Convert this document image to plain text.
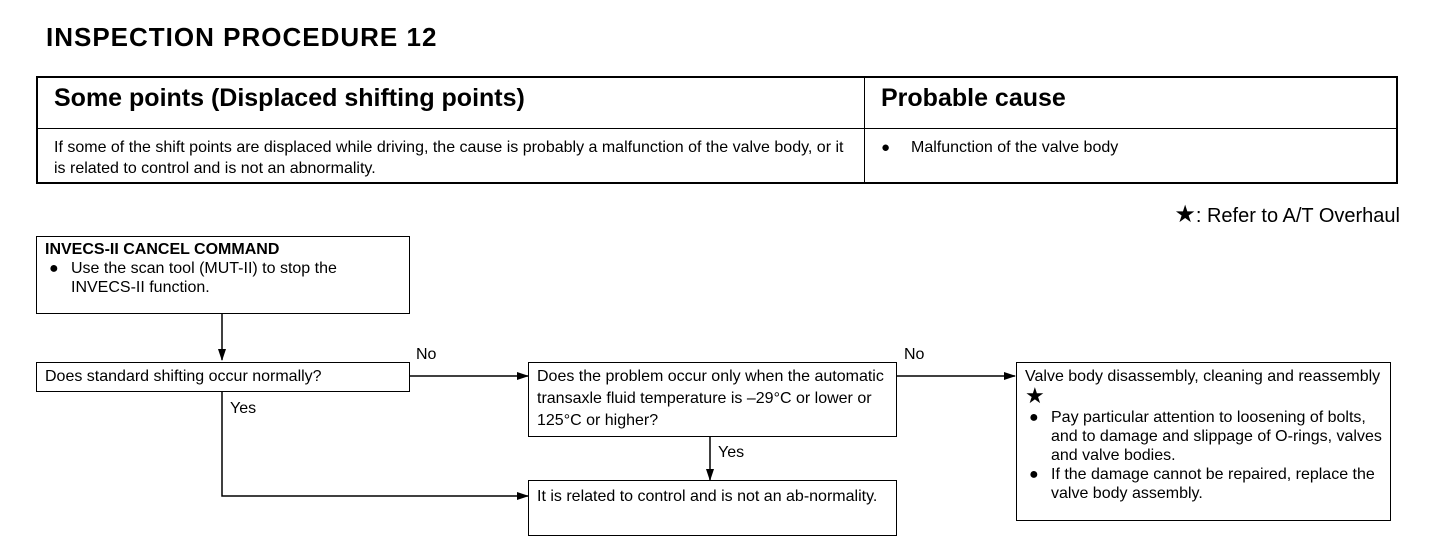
INSPECTION PROCEDURE 12
Some points (Displaced shifting points)	Probable cause
If some of the shift points are displaced while driving, the cause is probably a malfunction of the valve body, or it is related to control and is not an abnormality.	● Malfunction of the valve body
★: Refer to A/T Overhaul
INVECS-II CANCEL COMMAND
● Use the scan tool (MUT-II) to stop the INVECS-II function.
Does standard shifting occur normally?	Does the problem occur only when the automatic transaxle fluid temperature is –29°C or lower or 125°C or higher?
It is related to control and is not an ab-normality.
Valve body disassembly, cleaning and reassembly ★
● Pay particular attention to loosening of bolts, and to damage and slippage of O-rings, valves and valve bodies.
● If the damage cannot be repaired, replace the valve body assembly.
No
Yes
No
Yes
